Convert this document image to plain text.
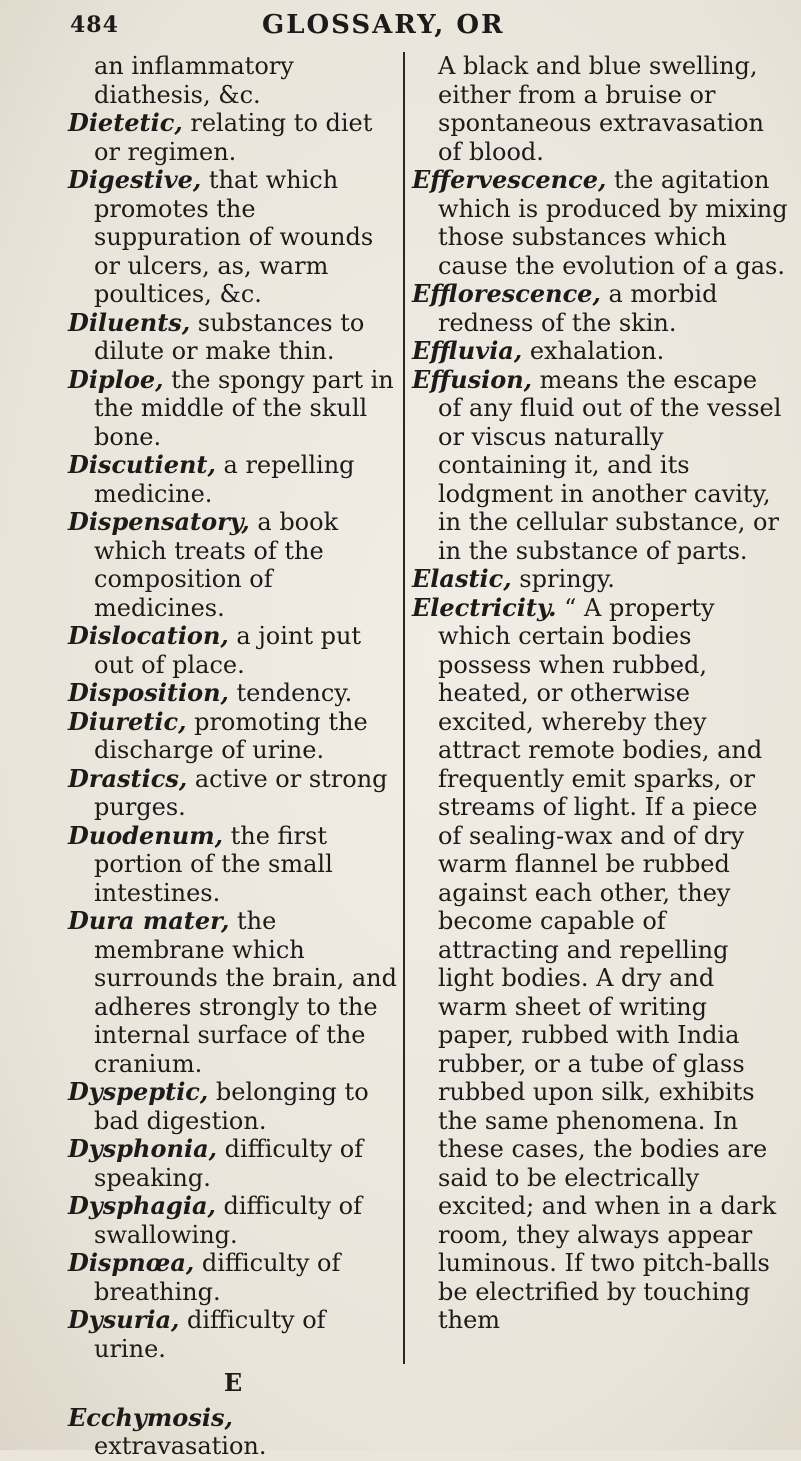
484	GLOSSARY, OR

an inflammatory diathesis, &c.

Dietetic, relating to diet or regimen.

Digestive, that which promotes the suppuration of wounds or ulcers, as, warm poultices, &c.

Diluents, substances to dilute or make thin.

Diploe, the spongy part in the middle of the skull bone.

Discutient, a repelling medicine.

Dispensatory, a book which treats of the composition of medicines.

Dislocation, a joint put out of place.

Disposition, tendency.

Diuretic, promoting the discharge of urine.

Drastics, active or strong purges.

Duodenum, the first portion of the small intestines.

Dura mater, the membrane which surrounds the brain, and adheres strongly to the internal surface of the cranium.

Dyspeptic, belonging to bad digestion.

Dysphonia, difficulty of speaking.

Dysphagia, difficulty of swallowing.

Dispnœa, difficulty of breathing.

Dysuria, difficulty of urine.

E

Ecchymosis, extravasation.

A black and blue swelling, either from a bruise or spontaneous extravasation of blood.

Effervescence, the agitation which is produced by mixing those substances which cause the evolution of a gas.

Efflorescence, a morbid redness of the skin.

Effluvia, exhalation.

Effusion, means the escape of any fluid out of the vessel or viscus naturally containing it, and its lodgment in another cavity, in the cellular substance, or in the substance of parts.

Elastic, springy.

Electricity. “ A property which certain bodies possess when rubbed, heated, or otherwise excited, whereby they attract remote bodies, and frequently emit sparks, or streams of light. If a piece of sealing-wax and of dry warm flannel be rubbed against each other, they become capable of attracting and repelling light bodies. A dry and warm sheet of writing paper, rubbed with India rubber, or a tube of glass rubbed upon silk, exhibits the same phenomena. In these cases, the bodies are said to be electrically excited; and when in a dark room, they always appear luminous. If two pitch-balls be electrified by touching them
